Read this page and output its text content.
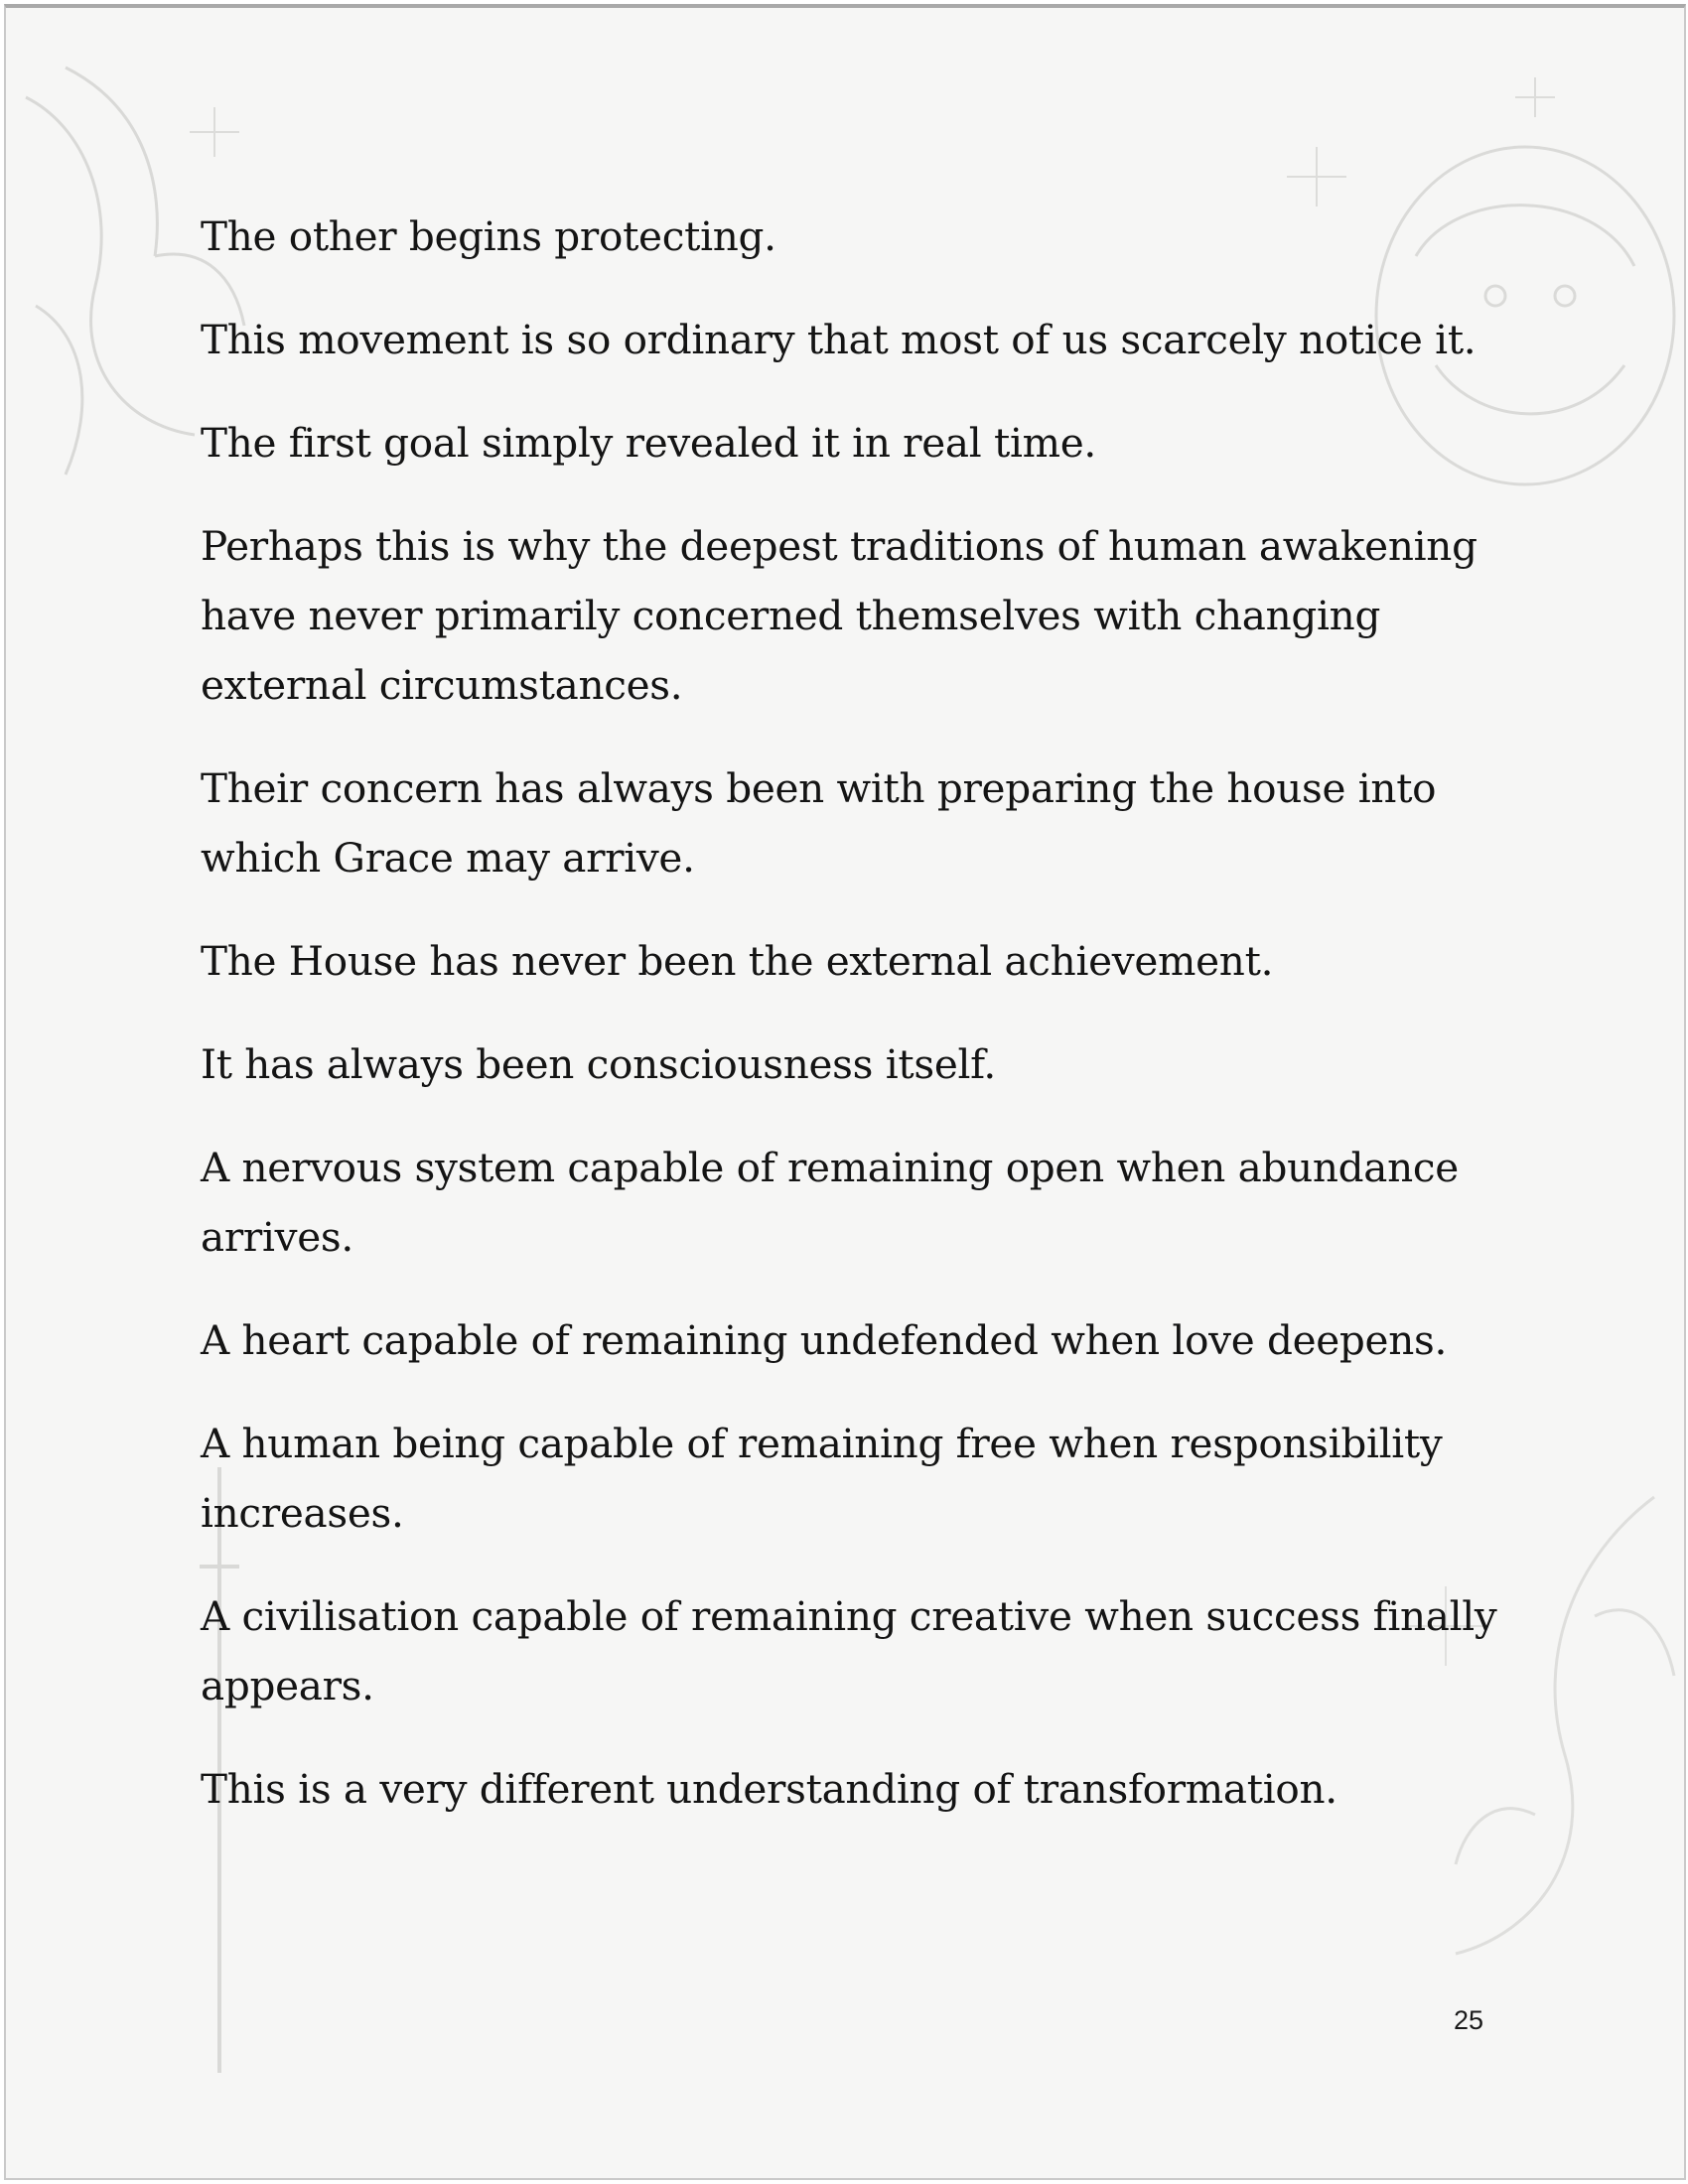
The other begins protecting.

This movement is so ordinary that most of us scarcely notice it.

The first goal simply revealed it in real time.

Perhaps this is why the deepest traditions of human awakening have never primarily concerned themselves with changing external circumstances.

Their concern has always been with preparing the house into which Grace may arrive.

The House has never been the external achievement.

It has always been consciousness itself.

A nervous system capable of remaining open when abundance arrives.

A heart capable of remaining undefended when love deepens.

A human being capable of remaining free when responsibility increases.

A civilisation capable of remaining creative when success finally appears.

This is a very different understanding of transformation.

25
